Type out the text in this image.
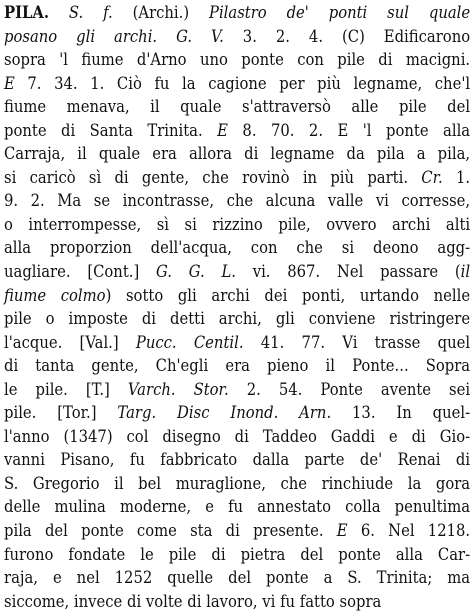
PILA. S. f. (Archi.) Pilastro de' ponti sul quale
posano gli archi. G. V. 3. 2. 4. (C) Edificarono
sopra 'l fiume d'Arno uno ponte con pile di macigni.
E 7. 34. 1. Ciò fu la cagione per più legname, che'l
fiume menava, il quale s'attraversò alle pile del
ponte di Santa Trinita. E 8. 70. 2. E 'l ponte alla
Carraja, il quale era allora di legname da pila a pila,
si caricò sì di gente, che rovinò in più parti. Cr. 1.
9. 2. Ma se incontrasse, che alcuna valle vi corresse,
o interrompesse, sì si rizzino pile, ovvero archi alti
alla proporzion dell'acqua, con che si deono agg-
uagliare. [Cont.] G. G. L. vi. 867. Nel passare (il
fiume colmo) sotto gli archi dei ponti, urtando nelle
pile o imposte di detti archi, gli conviene ristringere
l'acque. [Val.] Pucc. Centil. 41. 77. Vi trasse quel
di tanta gente, Ch'egli era pieno il Ponte... Sopra
le pile. [T.] Varch. Stor. 2. 54. Ponte avente sei
pile. [Tor.] Targ. Disc Inond. Arn. 13. In quel-
l'anno (1347) col disegno di Taddeo Gaddi e di Gio-
vanni Pisano, fu fabbricato dalla parte de' Renai di
S. Gregorio il bel muraglione, che rinchiude la gora
delle mulina moderne, e fu annestato colla penultima
pila del ponte come sta di presente. E 6. Nel 1218.
furono fondate le pile di pietra del ponte alla Car-
raja, e nel 1252 quelle del ponte a S. Trinita; ma
siccome, invece di volte di lavoro, vi fu fatto sopra
